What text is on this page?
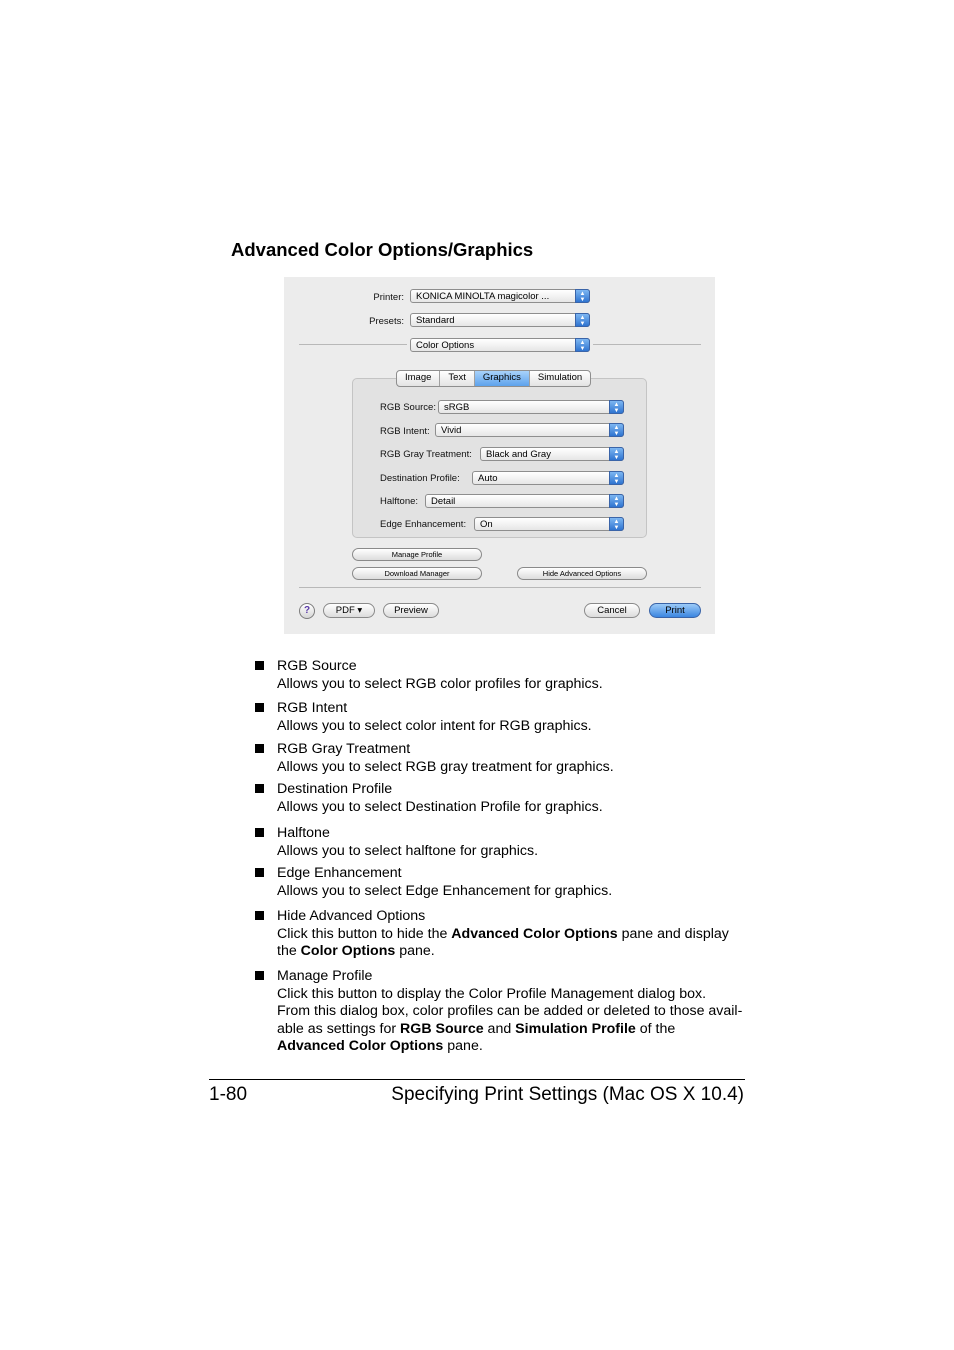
Advanced Color Options/Graphics
Printer: KONICA MINOLTA magicolor ...	▲
▼
Presets: Standard	▲
▼
Color Options	▲
▼
Image	Text	Graphics	Simulation
RGB Source: sRGB	▲
▼
RGB Intent: Vivid	▲
▼
RGB Gray Treatment: Black and Gray	▲
▼
Destination Profile: Auto	▲
▼
Halftone: Detail	▲
▼
Edge Enhancement: On	▲
▼
Manage Profile
Download Manager	Hide Advanced Options
?	PDF ▾	Preview	Cancel	Print
RGB Source
Allows you to select RGB color profiles for graphics.
RGB Intent
Allows you to select color intent for RGB graphics.
RGB Gray Treatment
Allows you to select RGB gray treatment for graphics.
Destination Profile
Allows you to select Destination Profile for graphics.
Halftone
Allows you to select halftone for graphics.
Edge Enhancement
Allows you to select Edge Enhancement for graphics.
Hide Advanced Options
Click this button to hide the Advanced Color Options pane and display
the Color Options pane.
Manage Profile
Click this button to display the Color Profile Management dialog box.
From this dialog box, color profiles can be added or deleted to those avail-
able as settings for RGB Source and Simulation Profile of the
Advanced Color Options pane.
1-80	Specifying Print Settings (Mac OS X 10.4)
